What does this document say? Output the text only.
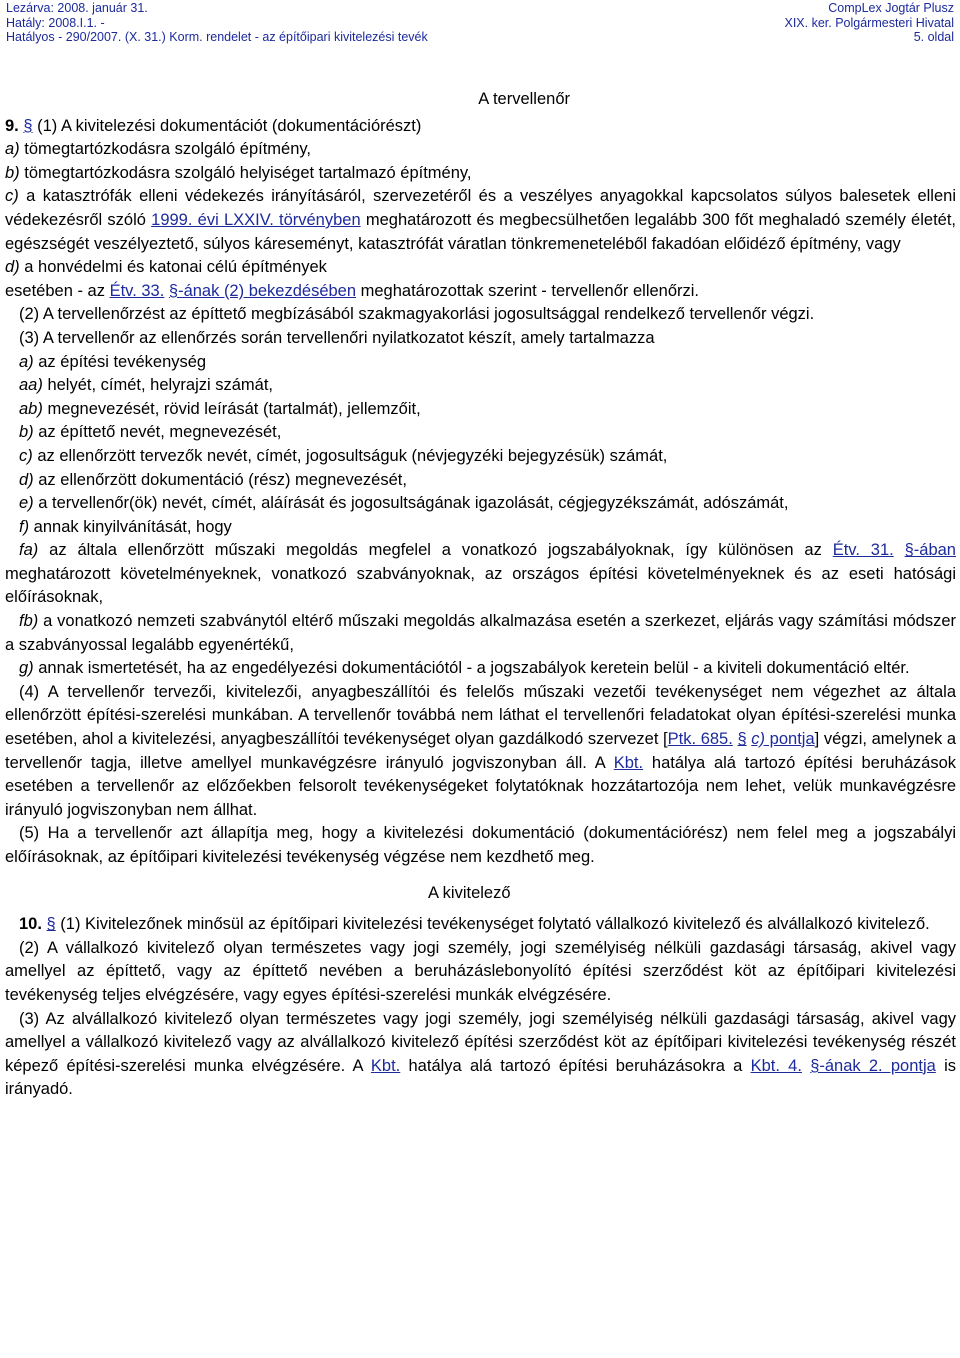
Lezárva: 2008. január 31.
Hatály: 2008.I.1. -
Hatályos - 290/2007. (X. 31.) Korm. rendelet - az építőipari kivitelezési tevék
CompLex Jogtár Plusz
XIX. ker. Polgármesteri Hivatal
5. oldal
A tervellenőr

9. § (1) A kivitelezési dokumentációt (dokumentációrészt)

a) tömegtartózkodásra szolgáló építmény,

b) tömegtartózkodásra szolgáló helyiséget tartalmazó építmény,

c) a katasztrófák elleni védekezés irányításáról, szervezetéről és a veszélyes anyagokkal kapcsolatos súlyos balesetek elleni védekezésről szóló 1999. évi LXXIV. törvényben meghatározott és megbecsülhetően legalább 300 főt meghaladó személy életét, egészségét veszélyeztető, súlyos káreseményt, katasztrófát váratlan tönkremeneteléből fakadóan előidéző építmény, vagy

d) a honvédelmi és katonai célú építmények

esetében - az Étv. 33. §-ának (2) bekezdésében meghatározottak szerint - tervellenőr ellenőrzi.

(2) A tervellenőrzést az építtető megbízásából szakmagyakorlási jogosultsággal rendelkező tervellenőr végzi.

(3) A tervellenőr az ellenőrzés során tervellenőri nyilatkozatot készít, amely tartalmazza

a) az építési tevékenység

aa) helyét, címét, helyrajzi számát,

ab) megnevezését, rövid leírását (tartalmát), jellemzőit,

b) az építtető nevét, megnevezését,

c) az ellenőrzött tervezők nevét, címét, jogosultságuk (névjegyzéki bejegyzésük) számát,

d) az ellenőrzött dokumentáció (rész) megnevezését,

e) a tervellenőr(ök) nevét, címét, aláírását és jogosultságának igazolását, cégjegyzékszámát, adószámát,

f) annak kinyilvánítását, hogy

fa) az általa ellenőrzött műszaki megoldás megfelel a vonatkozó jogszabályoknak, így különösen az Étv. 31. §-ában meghatározott követelményeknek, vonatkozó szabványoknak, az országos építési követelményeknek és az eseti hatósági előírásoknak,

fb) a vonatkozó nemzeti szabványtól eltérő műszaki megoldás alkalmazása esetén a szerkezet, eljárás vagy számítási módszer a szabványossal legalább egyenértékű,

g) annak ismertetését, ha az engedélyezési dokumentációtól - a jogszabályok keretein belül - a kiviteli dokumentáció eltér.

(4) A tervellenőr tervezői, kivitelezői, anyagbeszállítói és felelős műszaki vezetői tevékenységet nem végezhet az általa ellenőrzött építési-szerelési munkában. A tervellenőr továbbá nem láthat el tervellenőri feladatokat olyan építési-szerelési munka esetében, ahol a kivitelezési, anyagbeszállítói tevékenységet olyan gazdálkodó szervezet [Ptk. 685. § c) pontja] végzi, amelynek a tervellenőr tagja, illetve amellyel munkavégzésre irányuló jogviszonyban áll. A Kbt. hatálya alá tartozó építési beruházások esetében a tervellenőr az előzőekben felsorolt tevékenységeket folytatóknak hozzátartozója nem lehet, velük munkavégzésre irányuló jogviszonyban nem állhat.

(5) Ha a tervellenőr azt állapítja meg, hogy a kivitelezési dokumentáció (dokumentációrész) nem felel meg a jogszabályi előírásoknak, az építőipari kivitelezési tevékenység végzése nem kezdhető meg.

A kivitelező

10. § (1) Kivitelezőnek minősül az építőipari kivitelezési tevékenységet folytató vállalkozó kivitelező és alvállalkozó kivitelező.

(2) A vállalkozó kivitelező olyan természetes vagy jogi személy, jogi személyiség nélküli gazdasági társaság, akivel vagy amellyel az építtető, vagy az építtető nevében a beruházáslebonyolító építési szerződést köt az építőipari kivitelezési tevékenység teljes elvégzésére, vagy egyes építési-szerelési munkák elvégzésére.

(3) Az alvállalkozó kivitelező olyan természetes vagy jogi személy, jogi személyiség nélküli gazdasági társaság, akivel vagy amellyel a vállalkozó kivitelező vagy az alvállalkozó kivitelező építési szerződést köt az építőipari kivitelezési tevékenység részét képező építési-szerelési munka elvégzésére. A Kbt. hatálya alá tartozó építési beruházásokra a Kbt. 4. §-ának 2. pontja is irányadó.
